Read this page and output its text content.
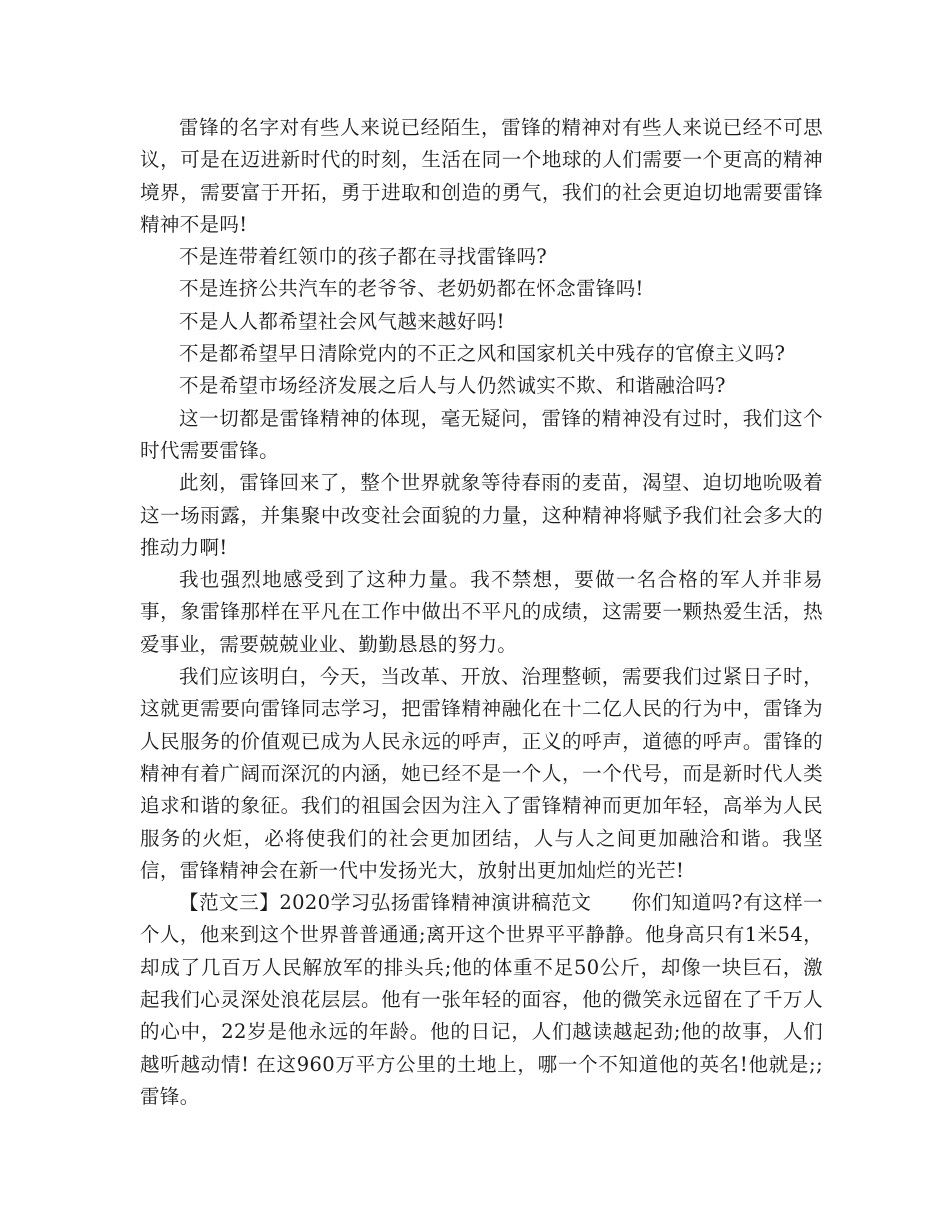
雷锋的名字对有些人来说已经陌生，雷锋的精神对有些人来说已经不可思议，可是在迈进新时代的时刻，生活在同一个地球的人们需要一个更高的精神境界，需要富于开拓，勇于进取和创造的勇气，我们的社会更迫切地需要雷锋精神不是吗!

不是连带着红领巾的孩子都在寻找雷锋吗?

不是连挤公共汽车的老爷爷、老奶奶都在怀念雷锋吗!

不是人人都希望社会风气越来越好吗!

不是都希望早日清除党内的不正之风和国家机关中残存的官僚主义吗?

不是希望市场经济发展之后人与人仍然诚实不欺、和谐融洽吗?

这一切都是雷锋精神的体现，毫无疑问，雷锋的精神没有过时，我们这个时代需要雷锋。

此刻，雷锋回来了，整个世界就象等待春雨的麦苗，渴望、迫切地吮吸着这一场雨露，并集聚中改变社会面貌的力量，这种精神将赋予我们社会多大的推动力啊!

我也强烈地感受到了这种力量。我不禁想，要做一名合格的军人并非易事，象雷锋那样在平凡在工作中做出不平凡的成绩，这需要一颗热爱生活，热爱事业，需要兢兢业业、勤勤恳恳的努力。

我们应该明白，今天，当改革、开放、治理整顿，需要我们过紧日子时，这就更需要向雷锋同志学习，把雷锋精神融化在十二亿人民的行为中，雷锋为人民服务的价值观已成为人民永远的呼声，正义的呼声，道德的呼声。雷锋的精神有着广阔而深沉的内涵，她已经不是一个人，一个代号，而是新时代人类追求和谐的象征。我们的祖国会因为注入了雷锋精神而更加年轻，高举为人民服务的火炬，必将使我们的社会更加团结，人与人之间更加融洽和谐。我坚信，雷锋精神会在新一代中发扬光大，放射出更加灿烂的光芒!

【范文三】2020学习弘扬雷锋精神演讲稿范文　　你们知道吗?有这样一个人，他来到这个世界普普通通;离开这个世界平平静静。他身高只有1米54，却成了几百万人民解放军的排头兵;他的体重不足50公斤，却像一块巨石，激起我们心灵深处浪花层层。他有一张年轻的面容，他的微笑永远留在了千万人的心中，22岁是他永远的年龄。他的日记，人们越读越起劲;他的故事，人们越听越动情! 在这960万平方公里的土地上，哪一个不知道他的英名!他就是;;雷锋。
